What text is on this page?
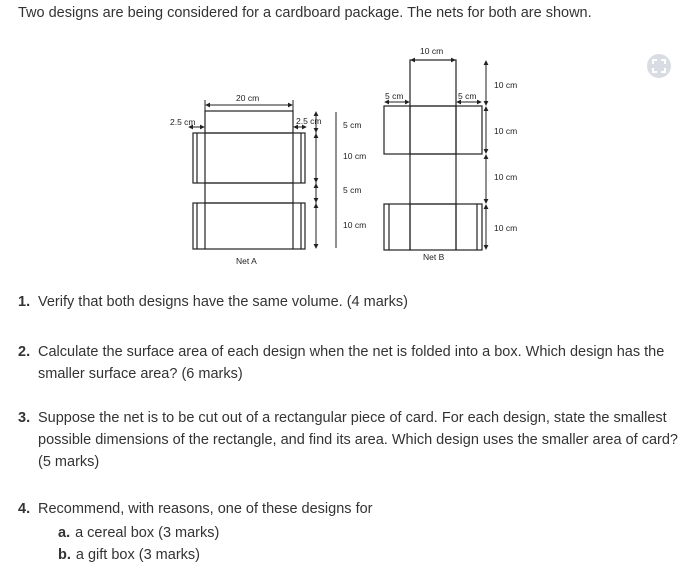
Two designs are being considered for a cardboard package. The nets for both are shown.
20 cm
2.5 cm	2.5 cm	5 cm
10 cm
5 cm
10 cm
Net A
10 cm
5 cm	5 cm
10 cm
10 cm
10 cm
10 cm
Net B

1. Verify that both designs have the same volume. (4 marks)

2. Calculate the surface area of each design when the net is folded into a box. Which design has the smaller surface area? (6 marks)

3. Suppose the net is to be cut out of a rectangular piece of card. For each design, state the smallest possible dimensions of the rectangle, and find its area. Which design uses the smaller area of card? (5 marks)

4. Recommend, with reasons, one of these designs for
a. a cereal box (3 marks)
b. a gift box (3 marks)
